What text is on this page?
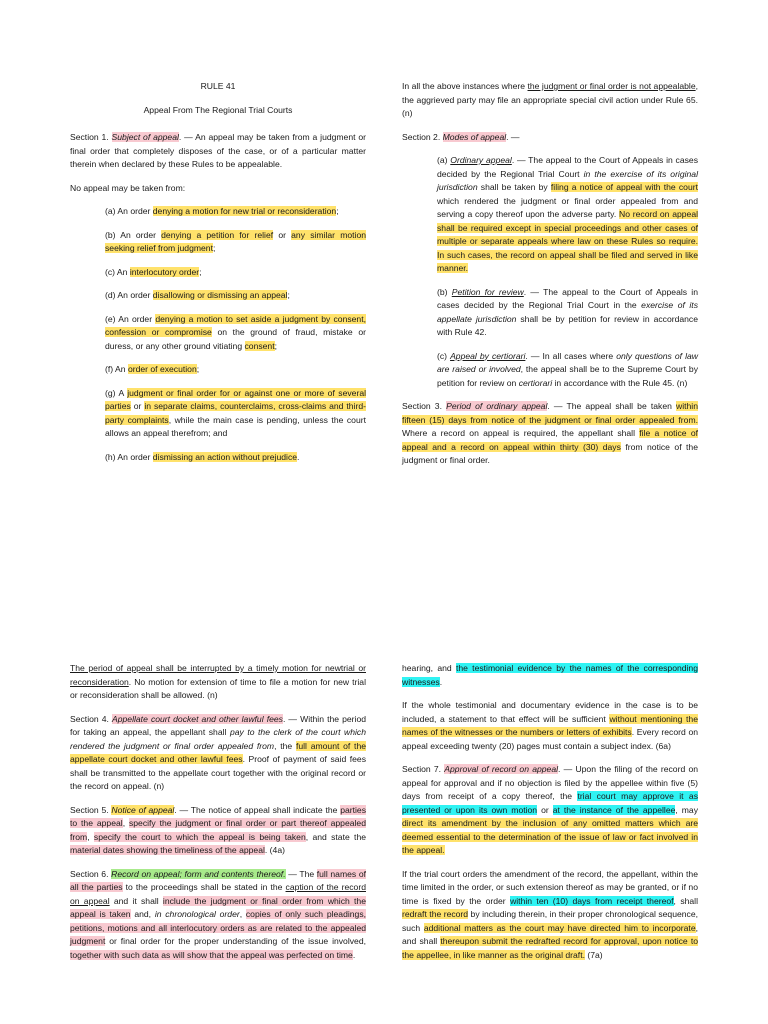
RULE 41

Appeal From The Regional Trial Courts

Section 1. Subject of appeal. — An appeal may be taken from a judgment or final order that completely disposes of the case, or of a particular matter therein when declared by these Rules to be appealable.

No appeal may be taken from:

(a) An order denying a motion for new trial or reconsideration;

(b) An order denying a petition for relief or any similar motion seeking relief from judgment;

(c) An interlocutory order;

(d) An order disallowing or dismissing an appeal;

(e) An order denying a motion to set aside a judgment by consent, confession or compromise on the ground of fraud, mistake or duress, or any other ground vitiating consent;

(f) An order of execution;

(g) A judgment or final order for or against one or more of several parties or in separate claims, counterclaims, cross-claims and third-party complaints, while the main case is pending, unless the court allows an appeal therefrom; and

(h) An order dismissing an action without prejudice.

In all the above instances where the judgment or final order is not appealable, the aggrieved party may file an appropriate special civil action under Rule 65. (n)

Section 2. Modes of appeal. —

(a) Ordinary appeal. — The appeal to the Court of Appeals in cases decided by the Regional Trial Court in the exercise of its original jurisdiction shall be taken by filing a notice of appeal with the court which rendered the judgment or final order appealed from and serving a copy thereof upon the adverse party. No record on appeal shall be required except in special proceedings and other cases of multiple or separate appeals where law on these Rules so require. In such cases, the record on appeal shall be filed and served in like manner.

(b) Petition for review. — The appeal to the Court of Appeals in cases decided by the Regional Trial Court in the exercise of its appellate jurisdiction shall be by petition for review in accordance with Rule 42.

(c) Appeal by certiorari. — In all cases where only questions of law are raised or involved, the appeal shall be to the Supreme Court by petition for review on certiorari in accordance with the Rule 45. (n)

Section 3. Period of ordinary appeal. — The appeal shall be taken within fifteen (15) days from notice of the judgment or final order appealed from. Where a record on appeal is required, the appellant shall file a notice of appeal and a record on appeal within thirty (30) days from notice of the judgment or final order.

The period of appeal shall be interrupted by a timely motion for newtrial or reconsideration. No motion for extension of time to file a motion for new trial or reconsideration shall be allowed. (n)

Section 4. Appellate court docket and other lawful fees. — Within the period for taking an appeal, the appellant shall pay to the clerk of the court which rendered the judgment or final order appealed from, the full amount of the appellate court docket and other lawful fees. Proof of payment of said fees shall be transmitted to the appellate court together with the original record or the record on appeal. (n)

Section 5. Notice of appeal. — The notice of appeal shall indicate the parties to the appeal, specify the judgment or final order or part thereof appealed from, specify the court to which the appeal is being taken, and state the material dates showing the timeliness of the appeal. (4a)

Section 6. Record on appeal; form and contents thereof. — The full names of all the parties to the proceedings shall be stated in the caption of the record on appeal and it shall include the judgment or final order from which the appeal is taken and, in chronological order, copies of only such pleadings, petitions, motions and all interlocutory orders as are related to the appealed judgment or final order for the proper understanding of the issue involved, together with such data as will show that the appeal was perfected on time.

hearing, and the testimonial evidence by the names of the corresponding witnesses.

If the whole testimonial and documentary evidence in the case is to be included, a statement to that effect will be sufficient without mentioning the names of the witnesses or the numbers or letters of exhibits. Every record on appeal exceeding twenty (20) pages must contain a subject index. (6a)

Section 7. Approval of record on appeal. — Upon the filing of the record on appeal for approval and if no objection is filed by the appellee within five (5) days from receipt of a copy thereof, the trial court may approve it as presented or upon its own motion or at the instance of the appellee, may direct its amendment by the inclusion of any omitted matters which are deemed essential to the determination of the issue of law or fact involved in the appeal.

If the trial court orders the amendment of the record, the appellant, within the time limited in the order, or such extension thereof as may be granted, or if no time is fixed by the order within ten (10) days from receipt thereof, shall redraft the record by including therein, in their proper chronological sequence, such additional matters as the court may have directed him to incorporate, and shall thereupon submit the redrafted record for approval, upon notice to the appellee, in like manner as the original draft. (7a)
